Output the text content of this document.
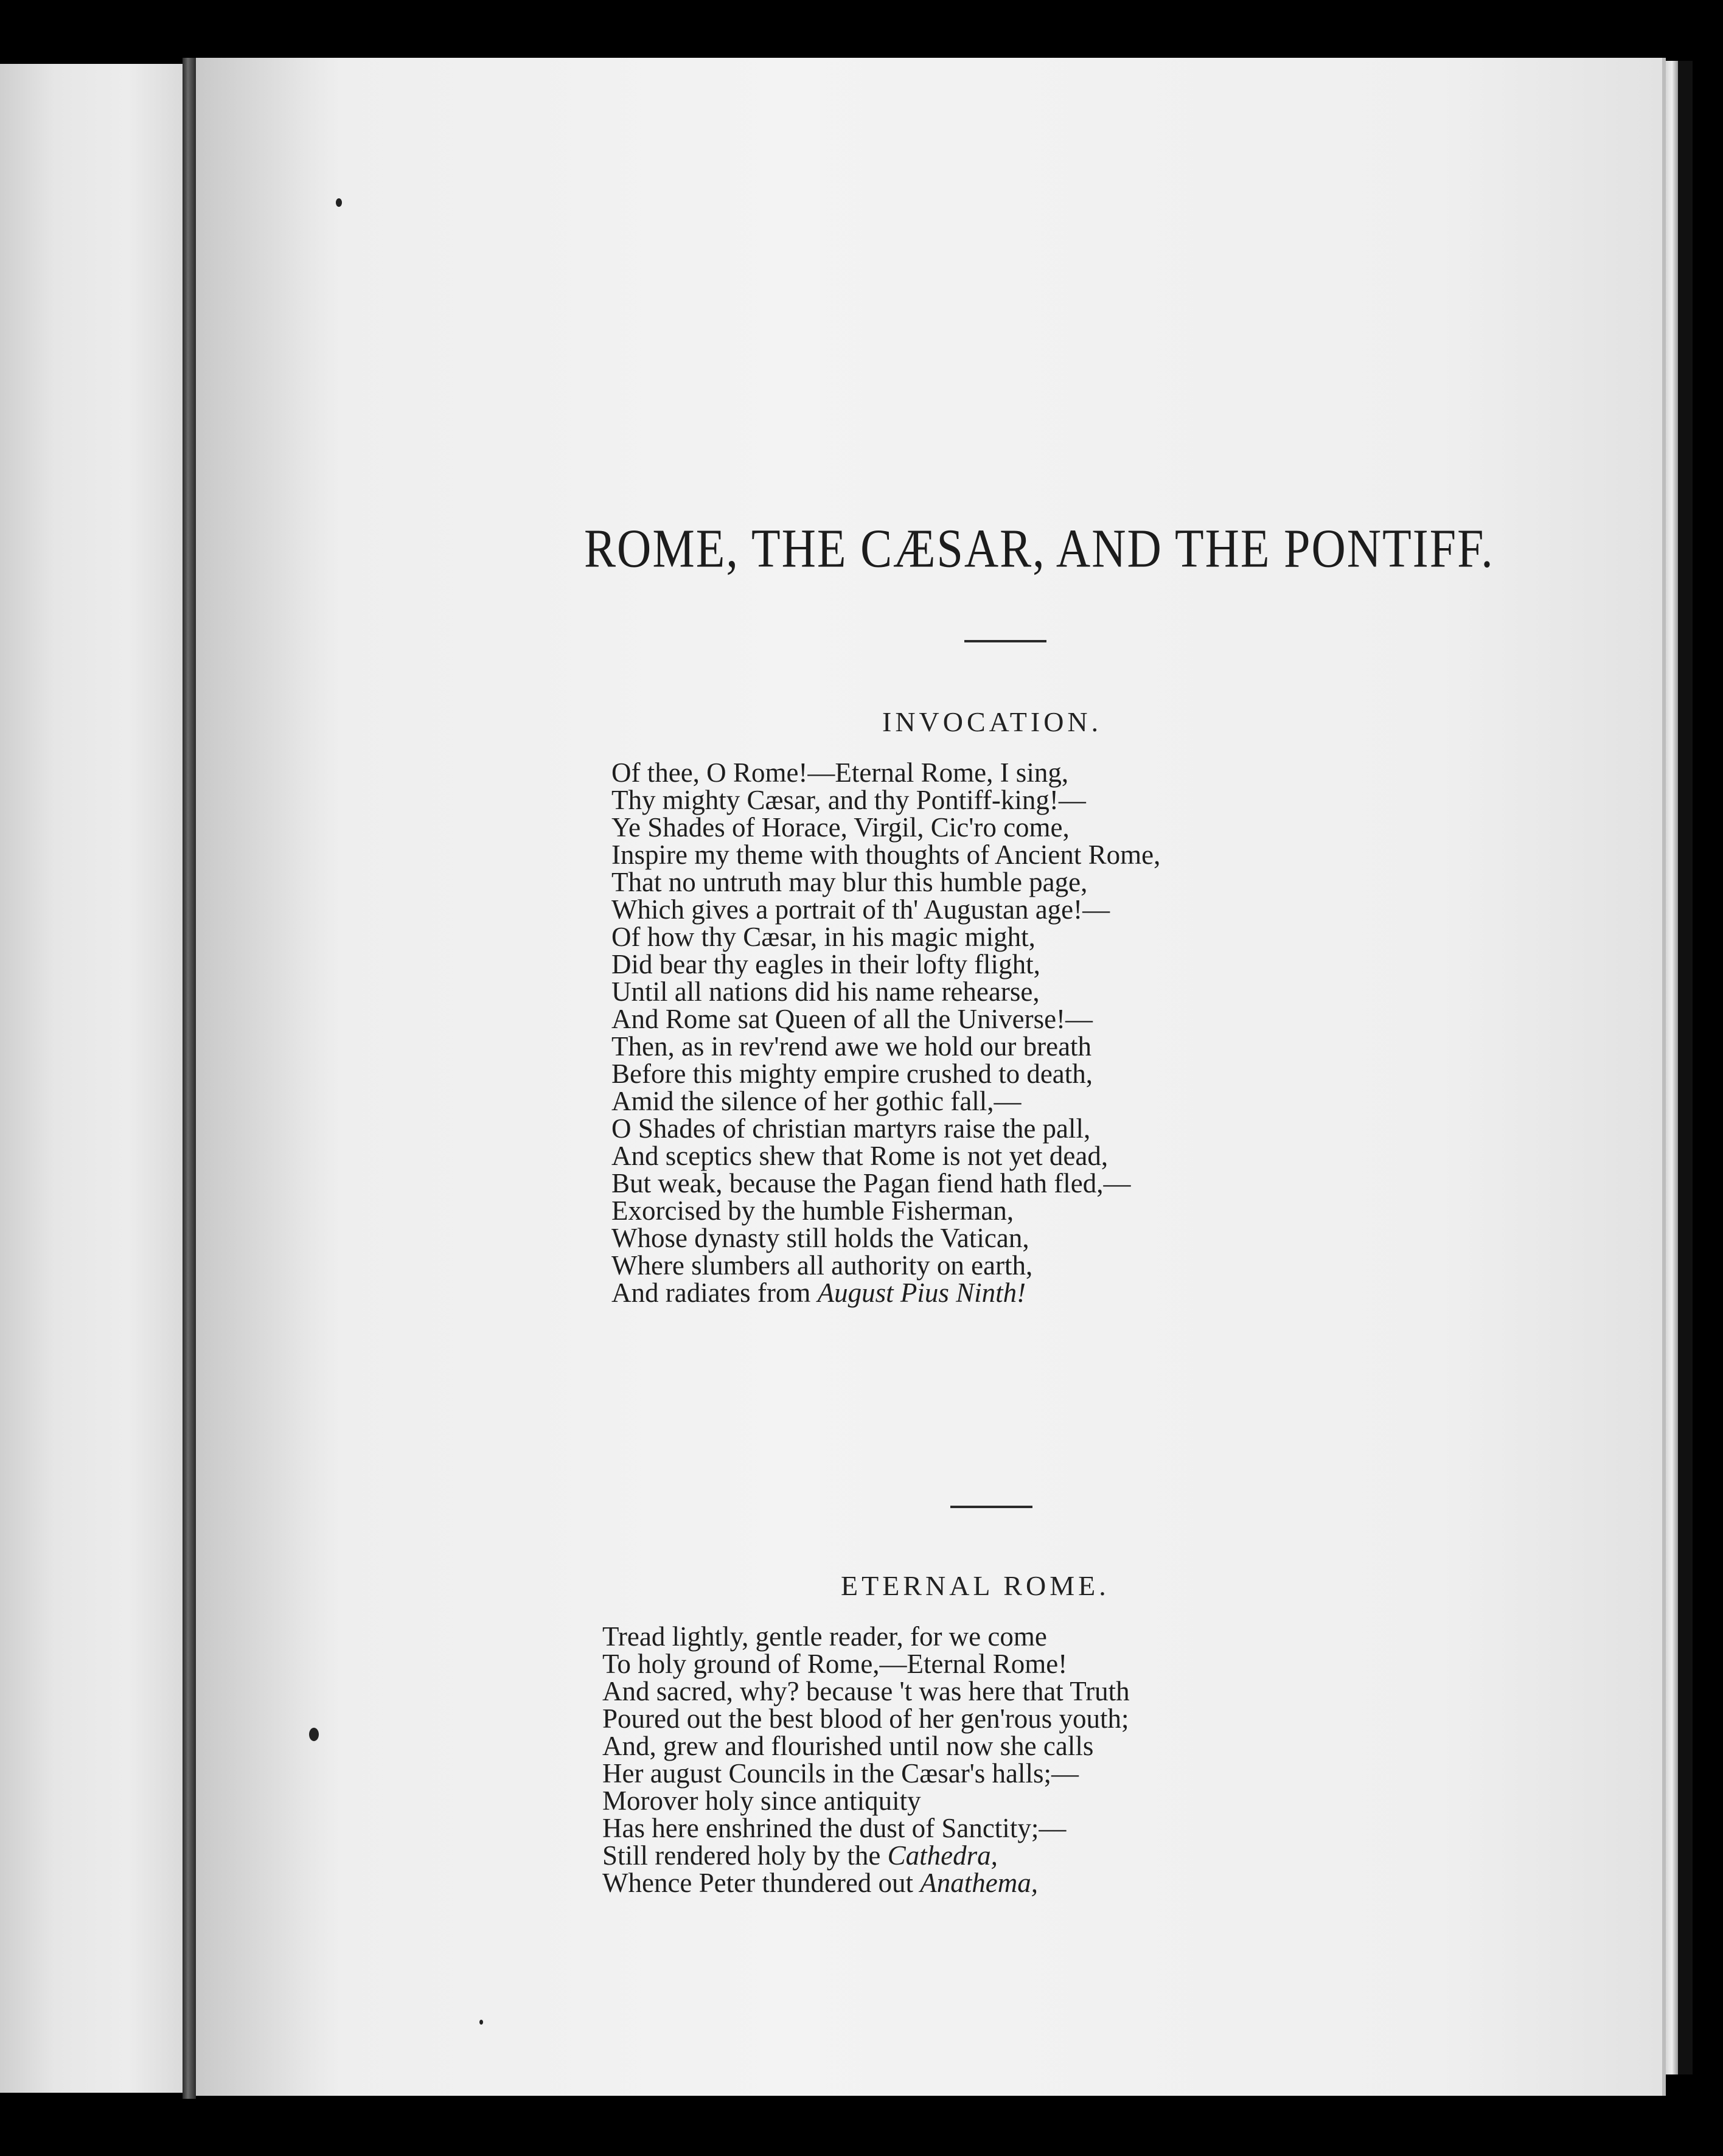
ROME, THE CÆSAR, AND THE PONTIFF.
INVOCATION.
Of thee, O Rome!—Eternal Rome, I sing,
Thy mighty Cæsar, and thy Pontiff-king!—
Ye Shades of Horace, Virgil, Cic'ro come,
Inspire my theme with thoughts of Ancient Rome,
That no untruth may blur this humble page,
Which gives a portrait of th' Augustan age!—
Of how thy Cæsar, in his magic might,
Did bear thy eagles in their lofty flight,
Until all nations did his name rehearse,
And Rome sat Queen of all the Universe!—
Then, as in rev'rend awe we hold our breath
Before this mighty empire crushed to death,
Amid the silence of her gothic fall,—
O Shades of christian martyrs raise the pall,
And sceptics shew that Rome is not yet dead,
But weak, because the Pagan fiend hath fled,—
Exorcised by the humble Fisherman,
Whose dynasty still holds the Vatican,
Where slumbers all authority on earth,
And radiates from August Pius Ninth!
ETERNAL ROME.
Tread lightly, gentle reader, for we come
To holy ground of Rome,—Eternal Rome!
And sacred, why? because 't was here that Truth
Poured out the best blood of her gen'rous youth;
And, grew and flourished until now she calls
Her august Councils in the Cæsar's halls;—
Morover holy since antiquity
Has here enshrined the dust of Sanctity;—
Still rendered holy by the Cathedra,
Whence Peter thundered out Anathema,
